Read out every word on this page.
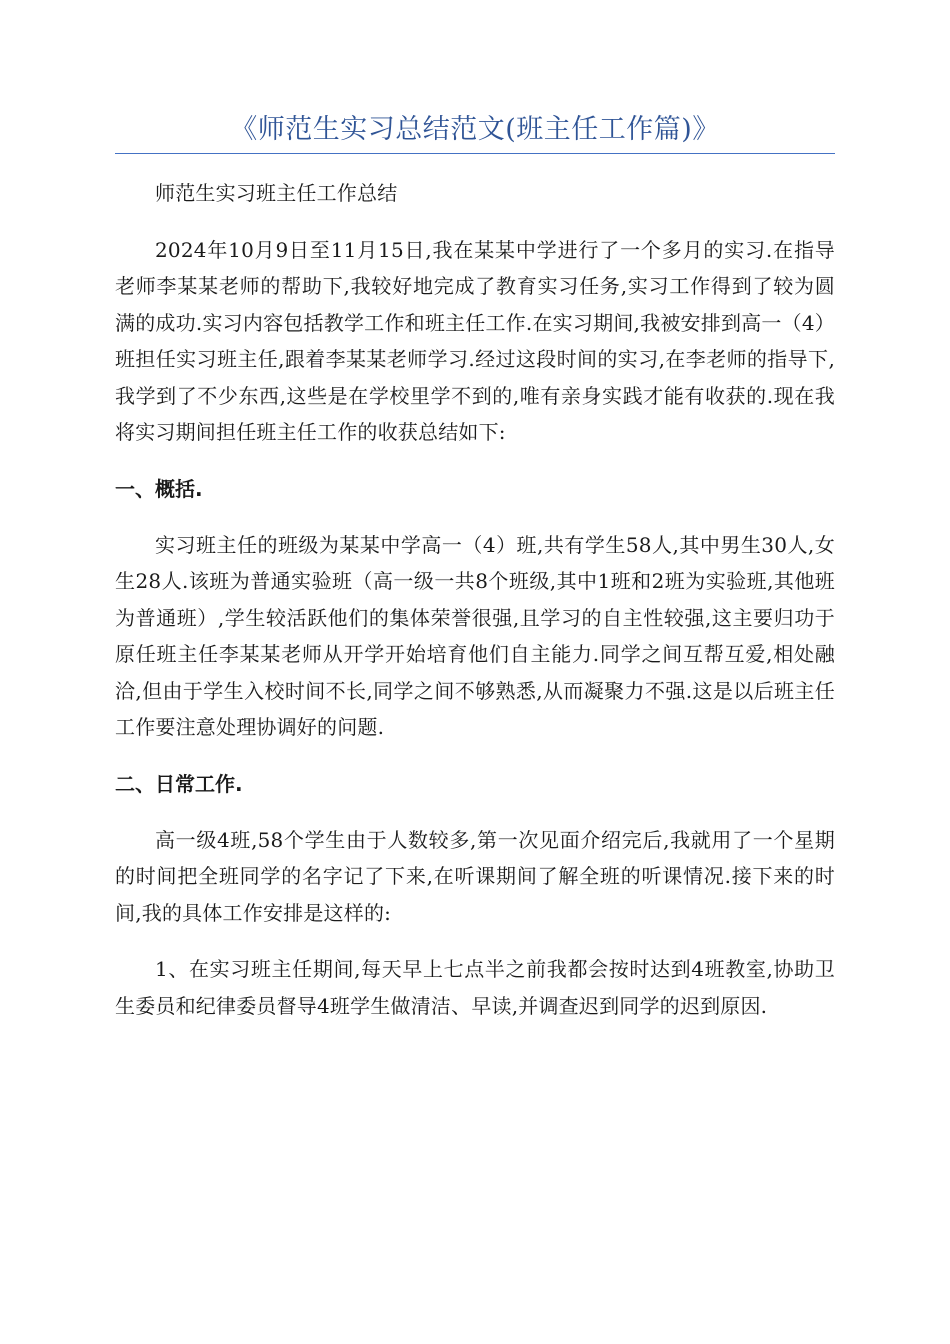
《师范生实习总结范文(班主任工作篇)》

师范生实习班主任工作总结

2024年10月9日至11月15日,我在某某中学进行了一个多月的实习.在指导老师李某某老师的帮助下,我较好地完成了教育实习任务,实习工作得到了较为圆满的成功.实习内容包括教学工作和班主任工作.在实习期间,我被安排到高一（4）班担任实习班主任,跟着李某某老师学习.经过这段时间的实习,在李老师的指导下,我学到了不少东西,这些是在学校里学不到的,唯有亲身实践才能有收获的.现在我将实习期间担任班主任工作的收获总结如下:

一、概括.

实习班主任的班级为某某中学高一（4）班,共有学生58人,其中男生30人,女生28人.该班为普通实验班（高一级一共8个班级,其中1班和2班为实验班,其他班为普通班）,学生较活跃他们的集体荣誉很强,且学习的自主性较强,这主要归功于原任班主任李某某老师从开学开始培育他们自主能力.同学之间互帮互爱,相处融洽,但由于学生入校时间不长,同学之间不够熟悉,从而凝聚力不强.这是以后班主任工作要注意处理协调好的问题.

二、日常工作.

高一级4班,58个学生由于人数较多,第一次见面介绍完后,我就用了一个星期的时间把全班同学的名字记了下来,在听课期间了解全班的听课情况.接下来的时间,我的具体工作安排是这样的:

1、在实习班主任期间,每天早上七点半之前我都会按时达到4班教室,协助卫生委员和纪律委员督导4班学生做清洁、早读,并调查迟到同学的迟到原因.
